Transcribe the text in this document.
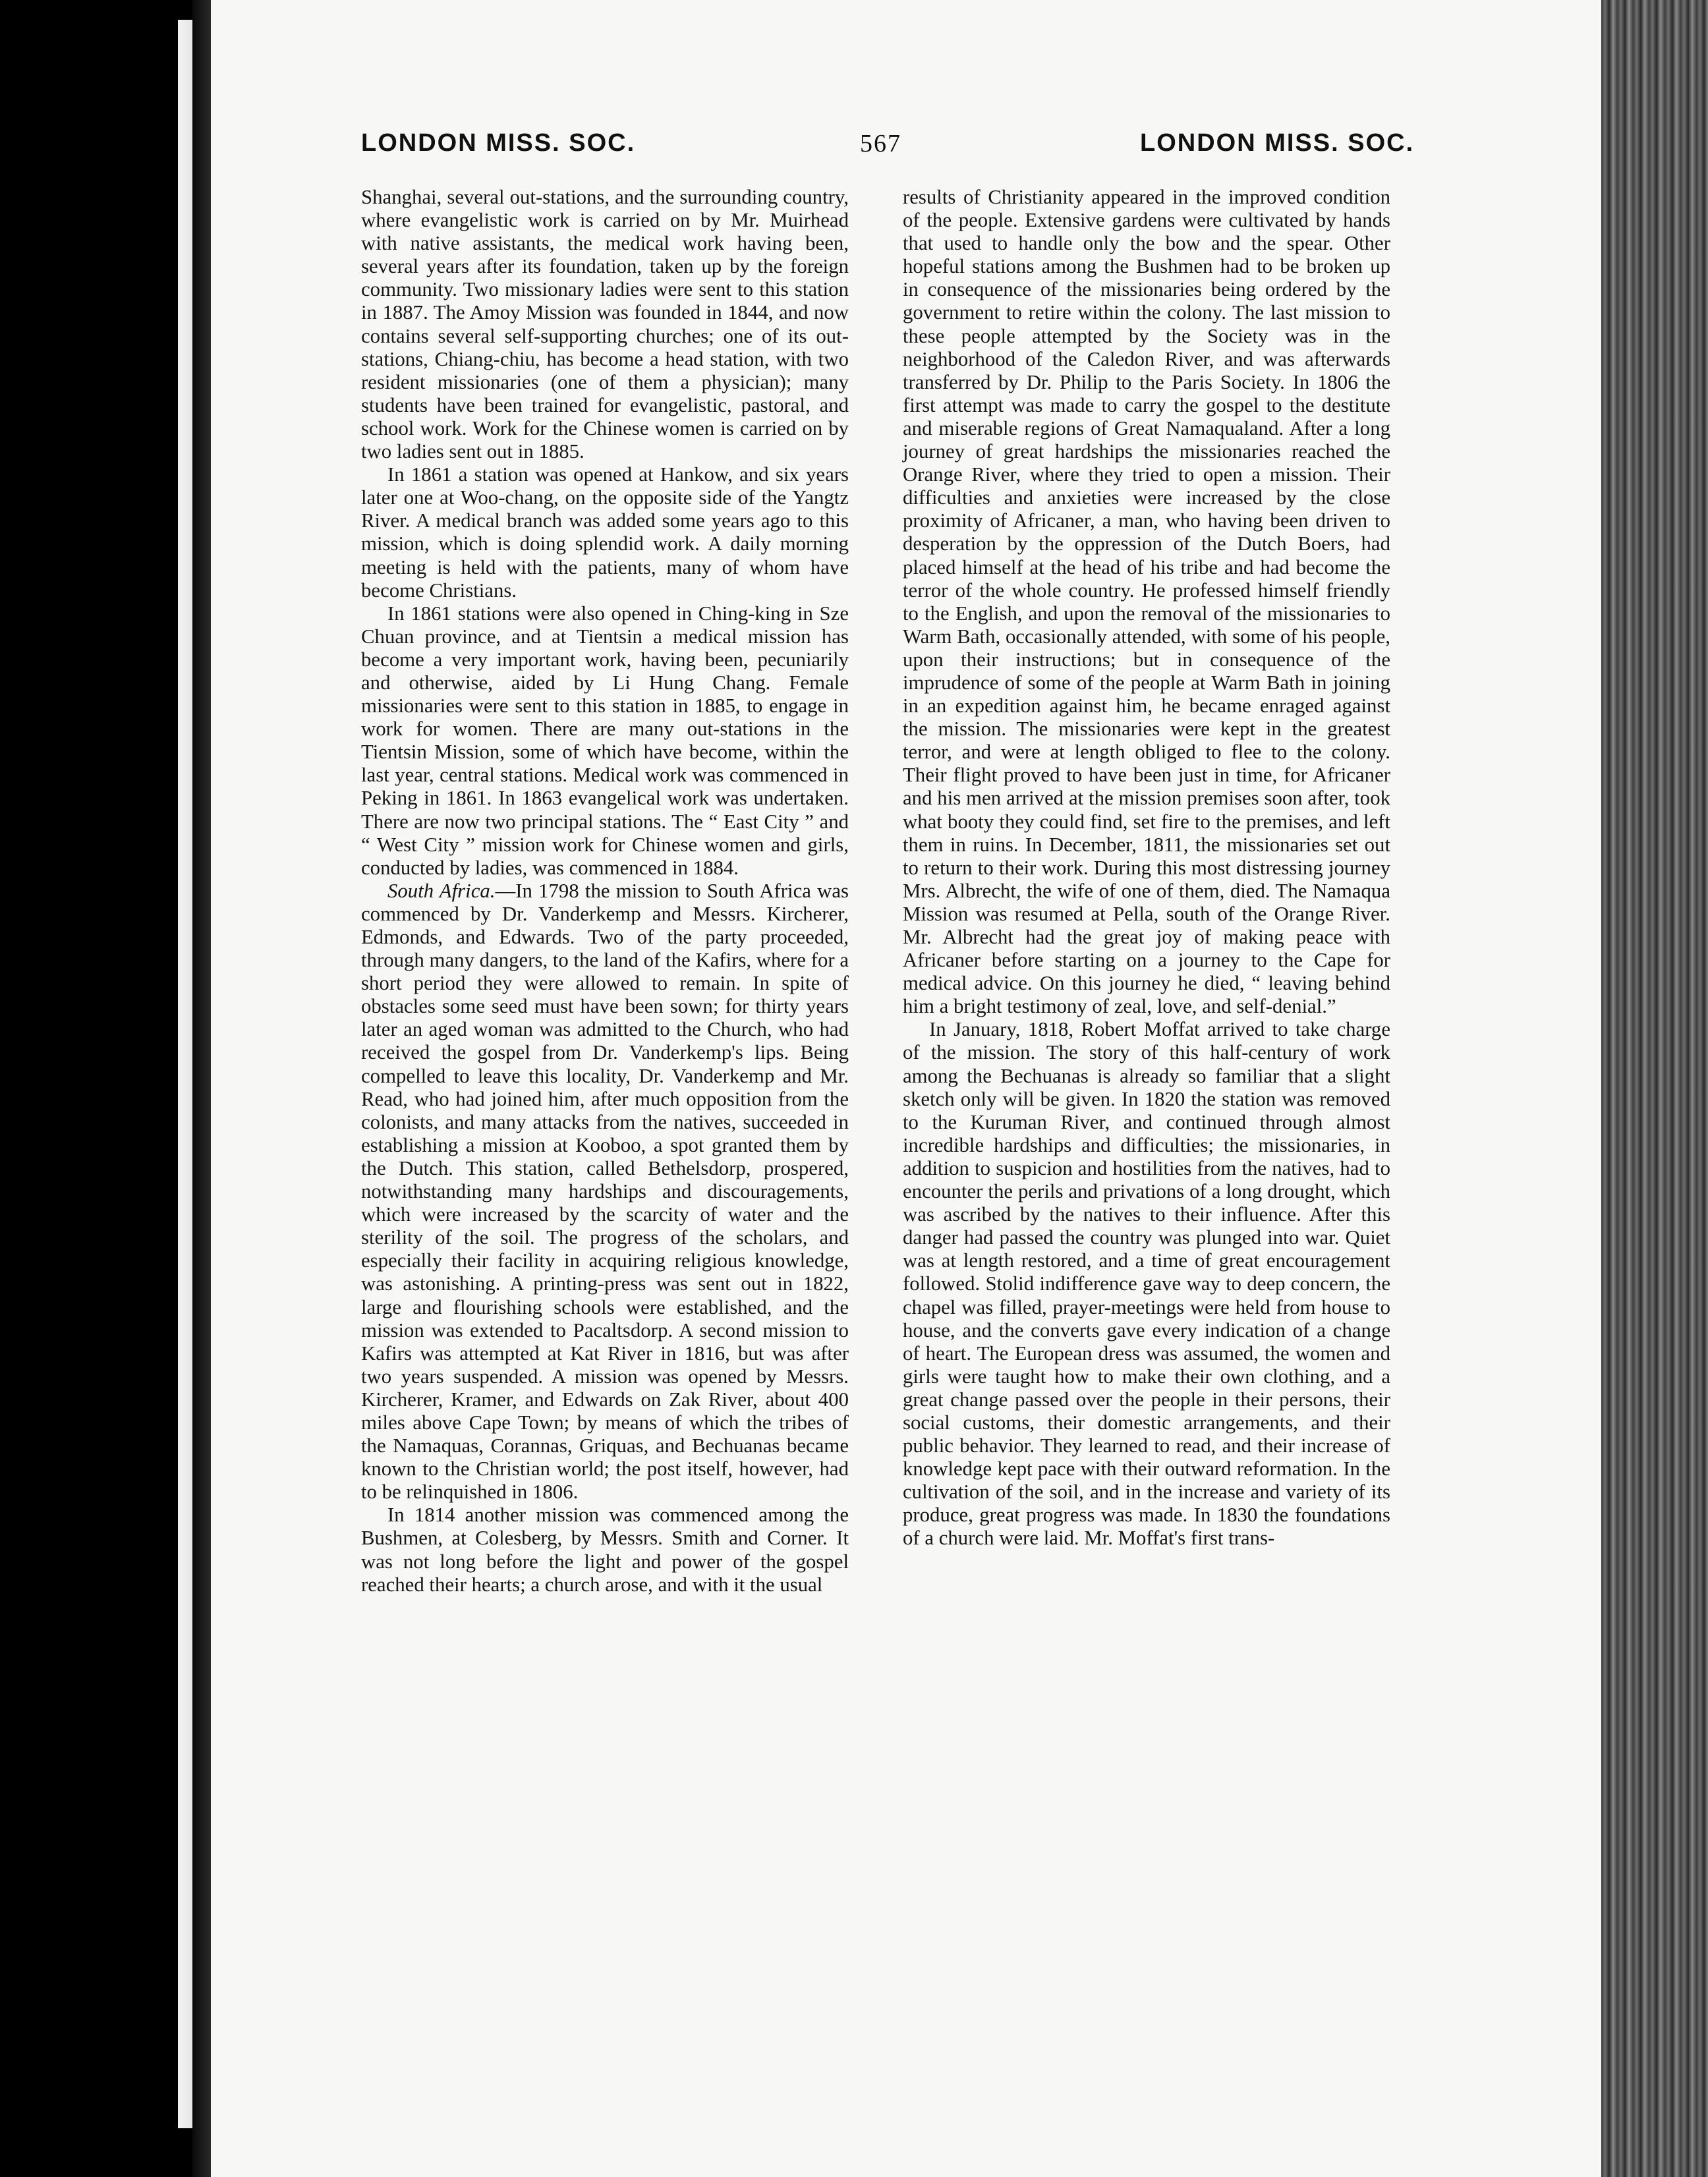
LONDON MISS. SOC.	567	LONDON MISS. SOC.

Shanghai, several out-stations, and the surrounding country, where evangelistic work is carried on by Mr. Muirhead with native assistants, the medical work having been, several years after its foundation, taken up by the foreign community. Two missionary ladies were sent to this station in 1887. The Amoy Mission was founded in 1844, and now contains several self-supporting churches; one of its out-stations, Chiang-chiu, has become a head station, with two resident missionaries (one of them a physician); many students have been trained for evangelistic, pastoral, and school work. Work for the Chinese women is carried on by two ladies sent out in 1885.

In 1861 a station was opened at Hankow, and six years later one at Woo-chang, on the opposite side of the Yangtz River. A medical branch was added some years ago to this mission, which is doing splendid work. A daily morning meeting is held with the patients, many of whom have become Christians.

In 1861 stations were also opened in Ching-king in Sze Chuan province, and at Tientsin a medical mission has become a very important work, having been, pecuniarily and otherwise, aided by Li Hung Chang. Female missionaries were sent to this station in 1885, to engage in work for women. There are many out-stations in the Tientsin Mission, some of which have become, within the last year, central stations. Medical work was commenced in Peking in 1861. In 1863 evangelical work was undertaken. There are now two principal stations. The “ East City ” and “ West City ” mission work for Chinese women and girls, conducted by ladies, was commenced in 1884.

South Africa.—In 1798 the mission to South Africa was commenced by Dr. Vanderkemp and Messrs. Kircherer, Edmonds, and Edwards. Two of the party proceeded, through many dangers, to the land of the Kafirs, where for a short period they were allowed to remain. In spite of obstacles some seed must have been sown; for thirty years later an aged woman was admitted to the Church, who had received the gospel from Dr. Vanderkemp's lips. Being compelled to leave this locality, Dr. Vanderkemp and Mr. Read, who had joined him, after much opposition from the colonists, and many attacks from the natives, succeeded in establishing a mission at Kooboo, a spot granted them by the Dutch. This station, called Bethelsdorp, prospered, notwithstanding many hardships and discouragements, which were increased by the scarcity of water and the sterility of the soil. The progress of the scholars, and especially their facility in acquiring religious knowledge, was astonishing. A printing-press was sent out in 1822, large and flourishing schools were established, and the mission was extended to Pacaltsdorp. A second mission to Kafirs was attempted at Kat River in 1816, but was after two years suspended. A mission was opened by Messrs. Kircherer, Kramer, and Edwards on Zak River, about 400 miles above Cape Town; by means of which the tribes of the Namaquas, Corannas, Griquas, and Bechuanas became known to the Christian world; the post itself, however, had to be relinquished in 1806.

In 1814 another mission was commenced among the Bushmen, at Colesberg, by Messrs. Smith and Corner. It was not long before the light and power of the gospel reached their hearts; a church arose, and with it the usual

results of Christianity appeared in the improved condition of the people. Extensive gardens were cultivated by hands that used to handle only the bow and the spear. Other hopeful stations among the Bushmen had to be broken up in consequence of the missionaries being ordered by the government to retire within the colony. The last mission to these people attempted by the Society was in the neighborhood of the Caledon River, and was afterwards transferred by Dr. Philip to the Paris Society. In 1806 the first attempt was made to carry the gospel to the destitute and miserable regions of Great Namaqualand. After a long journey of great hardships the missionaries reached the Orange River, where they tried to open a mission. Their difficulties and anxieties were increased by the close proximity of Africaner, a man, who having been driven to desperation by the oppression of the Dutch Boers, had placed himself at the head of his tribe and had become the terror of the whole country. He professed himself friendly to the English, and upon the removal of the missionaries to Warm Bath, occasionally attended, with some of his people, upon their instructions; but in consequence of the imprudence of some of the people at Warm Bath in joining in an expedition against him, he became enraged against the mission. The missionaries were kept in the greatest terror, and were at length obliged to flee to the colony. Their flight proved to have been just in time, for Africaner and his men arrived at the mission premises soon after, took what booty they could find, set fire to the premises, and left them in ruins. In December, 1811, the missionaries set out to return to their work. During this most distressing journey Mrs. Albrecht, the wife of one of them, died. The Namaqua Mission was resumed at Pella, south of the Orange River. Mr. Albrecht had the great joy of making peace with Africaner before starting on a journey to the Cape for medical advice. On this journey he died, “ leaving behind him a bright testimony of zeal, love, and self-denial.”

In January, 1818, Robert Moffat arrived to take charge of the mission. The story of this half-century of work among the Bechuanas is already so familiar that a slight sketch only will be given. In 1820 the station was removed to the Kuruman River, and continued through almost incredible hardships and difficulties; the missionaries, in addition to suspicion and hostilities from the natives, had to encounter the perils and privations of a long drought, which was ascribed by the natives to their influence. After this danger had passed the country was plunged into war. Quiet was at length restored, and a time of great encouragement followed. Stolid indifference gave way to deep concern, the chapel was filled, prayer-meetings were held from house to house, and the converts gave every indication of a change of heart. The European dress was assumed, the women and girls were taught how to make their own clothing, and a great change passed over the people in their persons, their social customs, their domestic arrangements, and their public behavior. They learned to read, and their increase of knowledge kept pace with their outward reformation. In the cultivation of the soil, and in the increase and variety of its produce, great progress was made. In 1830 the foundations of a church were laid. Mr. Moffat's first trans-
